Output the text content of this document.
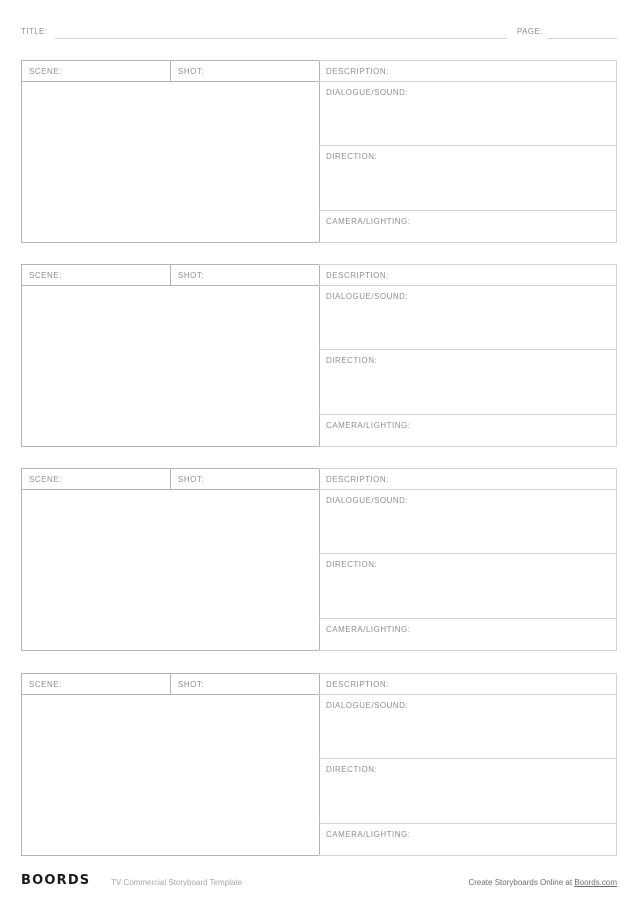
TITLE:	PAGE:
SCENE:	SHOT:	DESCRIPTION:
DIALOGUE/SOUND:
DIRECTION:
CAMERA/LIGHTING:
SCENE:	SHOT:	DESCRIPTION:
DIALOGUE/SOUND:
DIRECTION:
CAMERA/LIGHTING:
SCENE:	SHOT:	DESCRIPTION:
DIALOGUE/SOUND:
DIRECTION:
CAMERA/LIGHTING:
SCENE:	SHOT:	DESCRIPTION:
DIALOGUE/SOUND:
DIRECTION:
CAMERA/LIGHTING:
BOORDS	TV Commercial Storyboard Template	Create Storyboards Online at Boords.com
